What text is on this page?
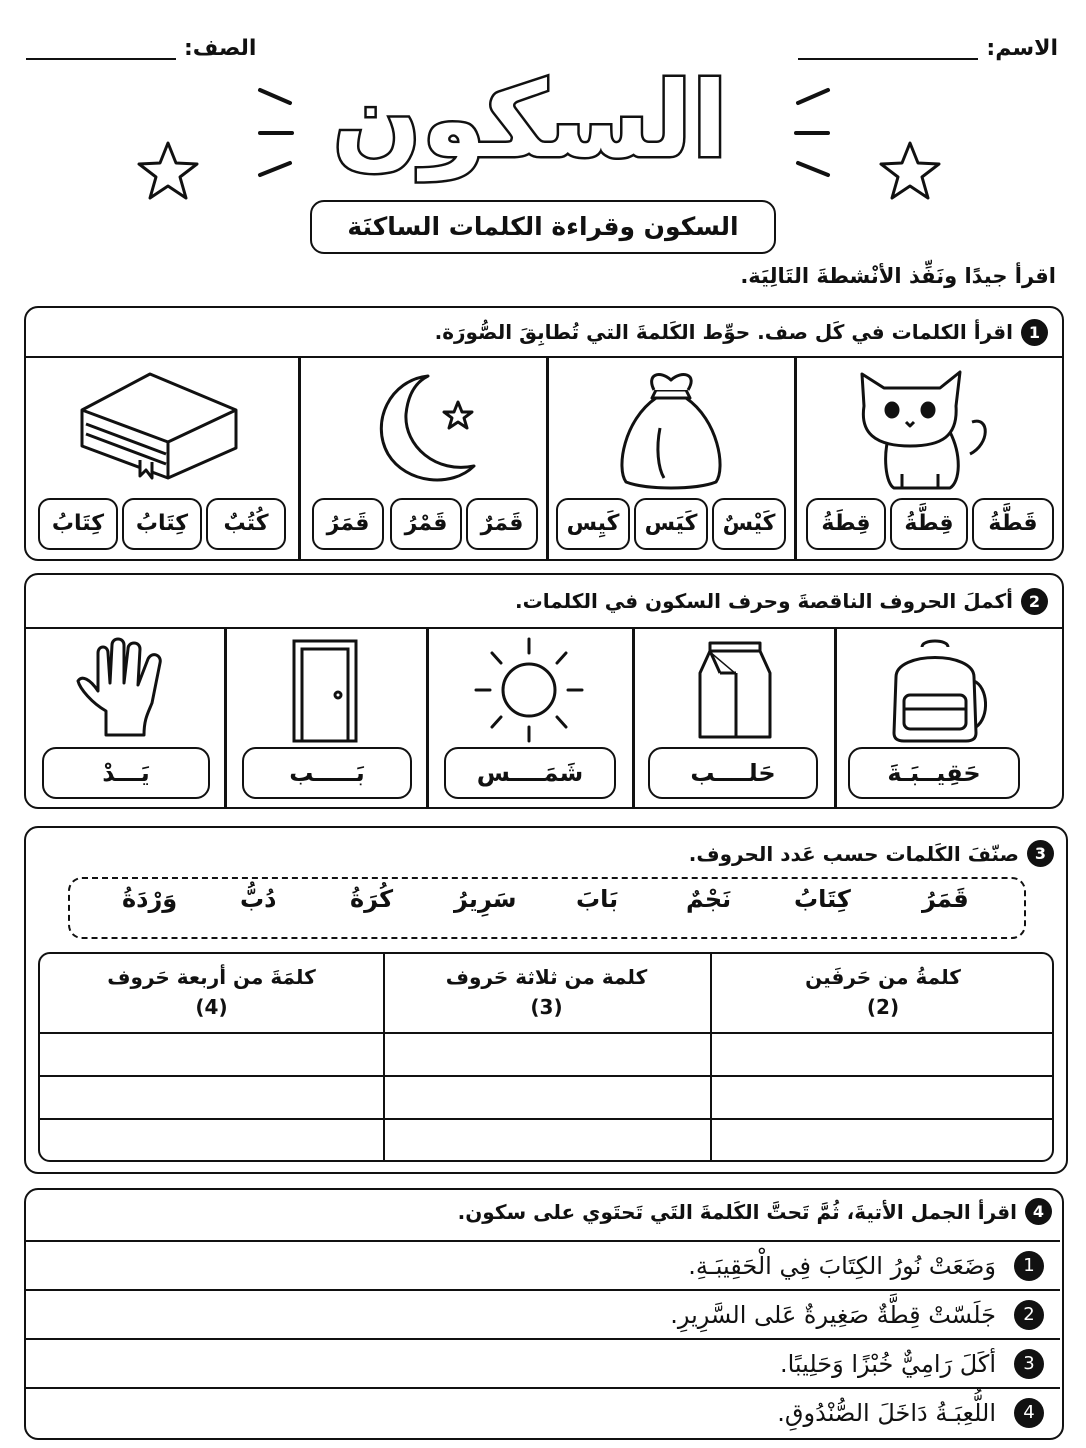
الاسم:
الصف:
السكون
السكون وقراءة الكلمات الساكنَة
اقرأ جيدًا ونَفِّذ الأنْشطةَ التَالِيَة.
1
اقرأ الكلمات في كَل صف. حوِّط الكَلمةَ التي تُطابِقَ الصُّورَة.
قَطَّةُ
قِطَّةُ
قِطَةُ
كَيْسٌ
كَيَس
كَيِس
قَمَرٌ
قَمْرُ
قَمَرُ
كُتُبٌ
كِتَابُ
كِتَابُ
2
أكملَ الحروف الناقصةَ وحرف السكون في الكلمات.
حَقِيــبَـةَ
حَلــــب
شَمَــــس
بَـــــب
يَـــدْ
3
صنّفَ الكَلمات حسب عَدد الحروف.
قَمَرُ
كِتَابُ
نَجْمٌ
بَابَ
سَرِيرُ
كُرَةُ
دُبُّ
وَرْدَةُ
كلمةُ من حَرفَين
(2)
كلمة من ثلاثة حَروف
(3)
كلمَةَ من أربعة حَروف
(4)
4
اقرأ الجمل الأتيةَ، ثُمَّ تَحتَّ الكَلمةَ التَي تَحتَوي على سكون.
1
وَضَعَتْ نُورُ الكِتَابَ فِي الْحَقِيبَـةِ.
2
جَلَسّتْ قِطَّةٌ صَغِيرةٌ عَلى السَّرِيرِ.
3
أكَلَ رَامِيٌّ خُبْزًا وَحَلِيبًا.
4
اللُّعِبَـةُ دَاخَلَ الصُّنْدُوقِ.
